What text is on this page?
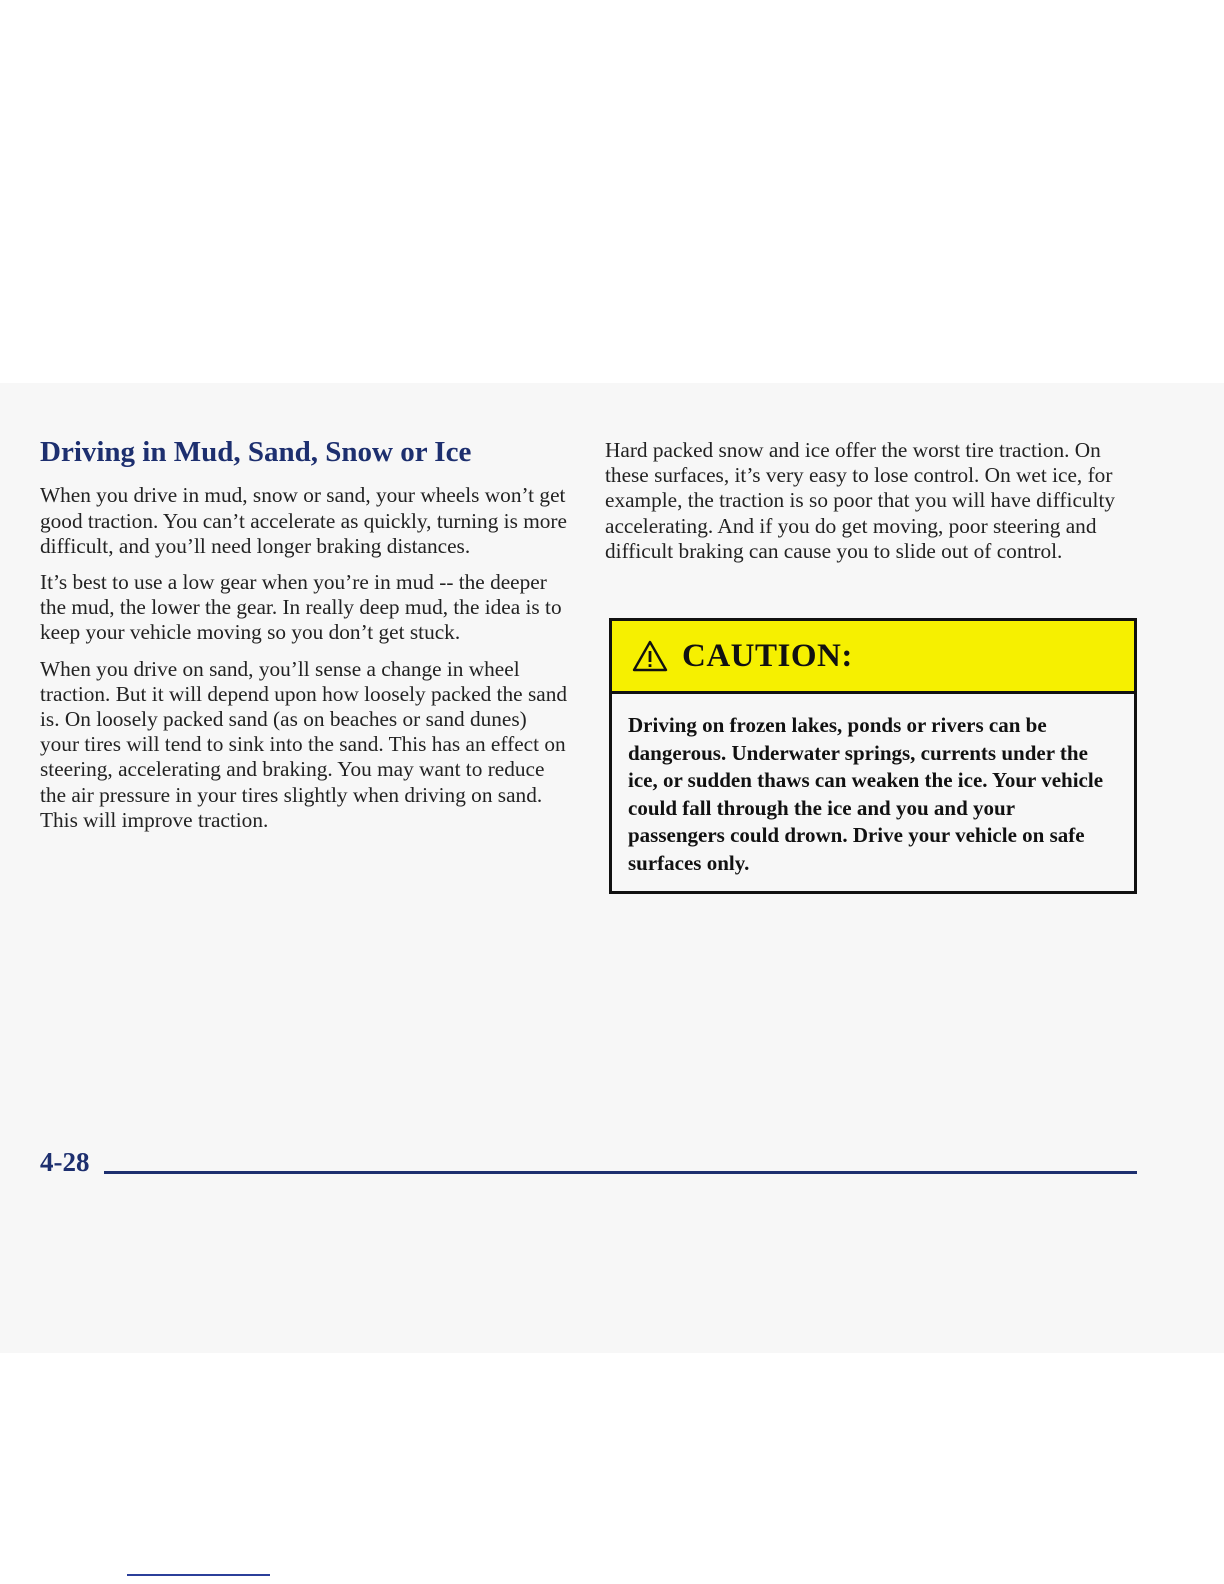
Driving in Mud, Sand, Snow or Ice

When you drive in mud, snow or sand, your wheels won’t get good traction. You can’t accelerate as quickly, turning is more difficult, and you’ll need longer braking distances.

It’s best to use a low gear when you’re in mud -- the deeper the mud, the lower the gear. In really deep mud, the idea is to keep your vehicle moving so you don’t get stuck.

When you drive on sand, you’ll sense a change in wheel traction. But it will depend upon how loosely packed the sand is. On loosely packed sand (as on beaches or sand dunes) your tires will tend to sink into the sand. This has an effect on steering, accelerating and braking. You may want to reduce the air pressure in your tires slightly when driving on sand. This will improve traction.

Hard packed snow and ice offer the worst tire traction. On these surfaces, it’s very easy to lose control. On wet ice, for example, the traction is so poor that you will have difficulty accelerating. And if you do get moving, poor steering and difficult braking can cause you to slide out of control.

CAUTION:
Driving on frozen lakes, ponds or rivers can be dangerous. Underwater springs, currents under the ice, or sudden thaws can weaken the ice. Your vehicle could fall through the ice and you and your passengers could drown. Drive your vehicle on safe surfaces only.
4-28
